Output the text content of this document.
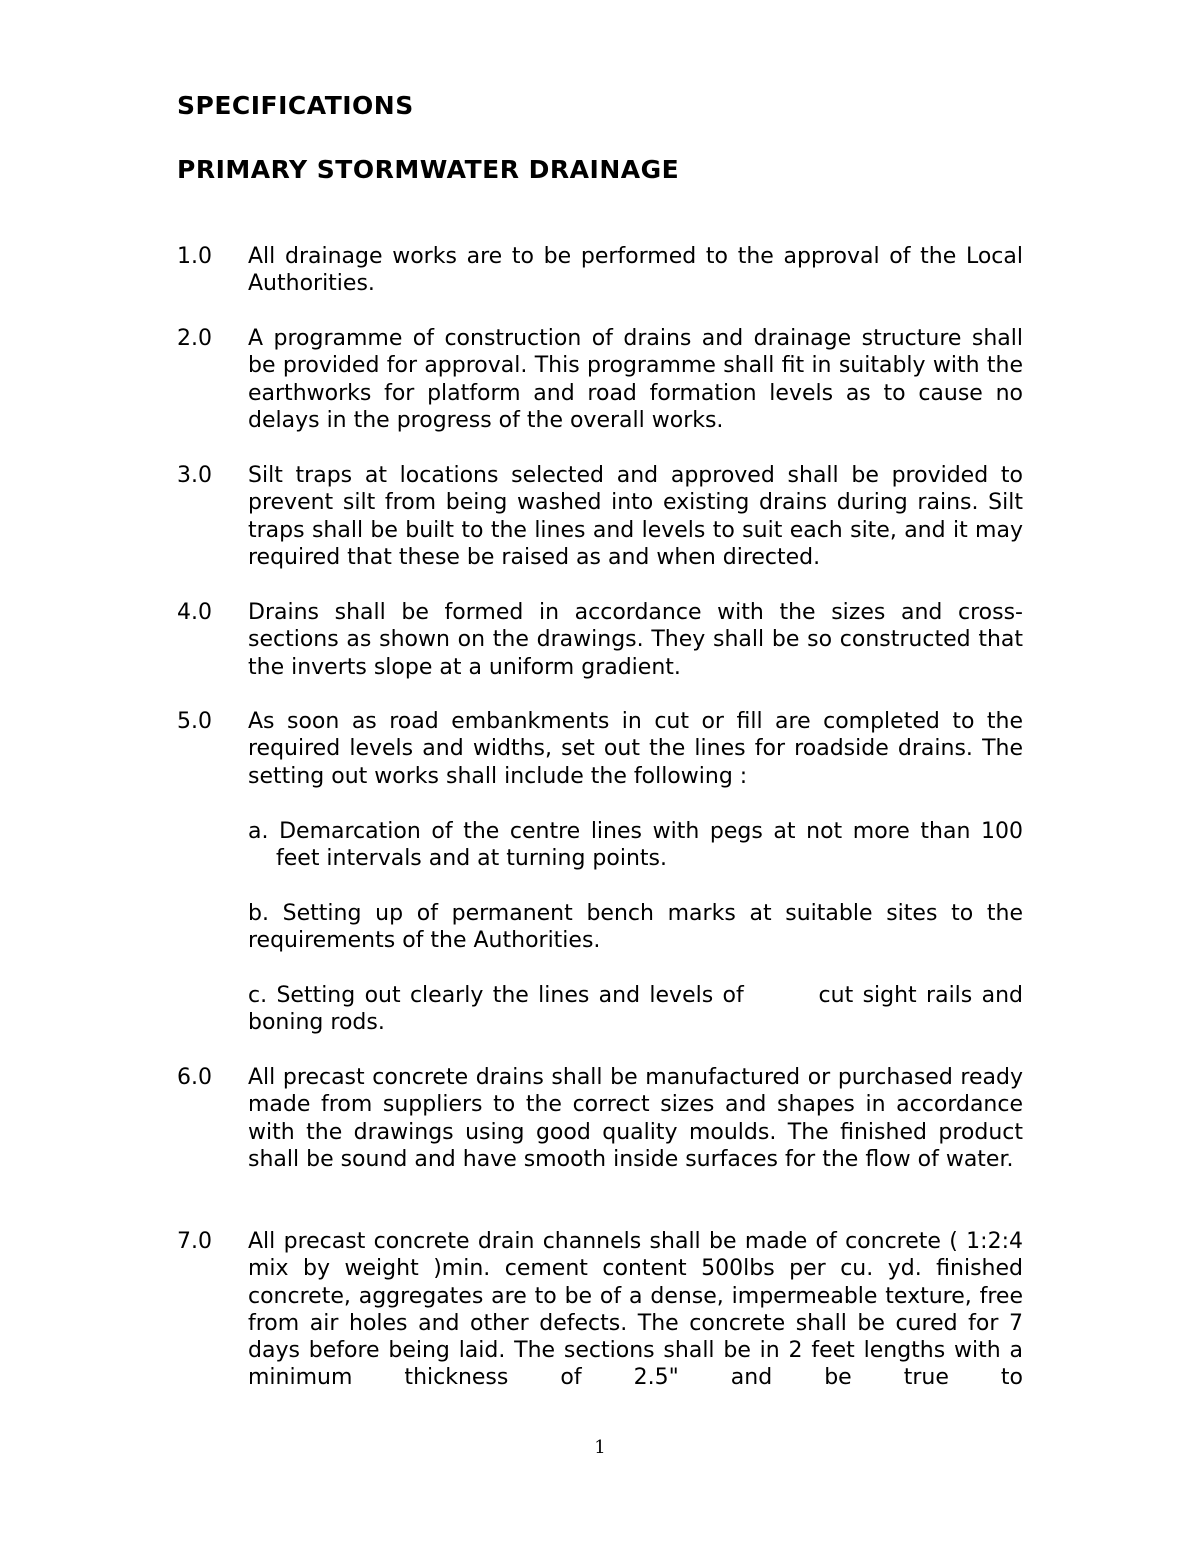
SPECIFICATIONS
PRIMARY STORMWATER DRAINAGE
1.0	All drainage works are to be performed to the approval of the Local Authorities.
2.0	A programme of construction of drains and drainage structure shall be provided for approval. This programme shall fit in suitably with the earthworks for platform and road formation levels as to cause no delays in the progress of the overall works.
3.0	Silt traps at locations selected and approved shall be provided to prevent silt from being washed into existing drains during rains. Silt traps shall be built to the lines and levels to suit each site, and it may required that these be raised as and when directed.
4.0	Drains shall be formed in accordance with the sizes and cross-sections as shown on the drawings. They shall be so constructed that the inverts slope at a uniform gradient.
5.0	As soon as road embankments in cut or fill are completed to the required levels and widths, set out the lines for roadside drains. The setting out works shall include the following :
a. Demarcation of the centre lines with pegs at not more than 100 feet intervals and at turning points.
b. Setting up of permanent bench marks at suitable sites to the requirements of the Authorities.
c. Setting out clearly the lines and levels of        cut sight rails and boning rods.
6.0	All precast concrete drains shall be manufactured or purchased ready made from suppliers to the correct sizes and shapes in accordance with the drawings using good quality moulds. The finished product shall be sound and have smooth inside surfaces for the flow of water.
7.0	All precast concrete drain channels shall be made of concrete ( 1:2:4 mix by weight )min. cement content 500lbs per cu. yd. finished concrete, aggregates are to be of a dense, impermeable texture, free from air holes and other defects. The concrete shall be cured for 7 days before being laid. The sections shall be in 2 feet lengths with a minimum thickness of 2.5" and be true to
1
